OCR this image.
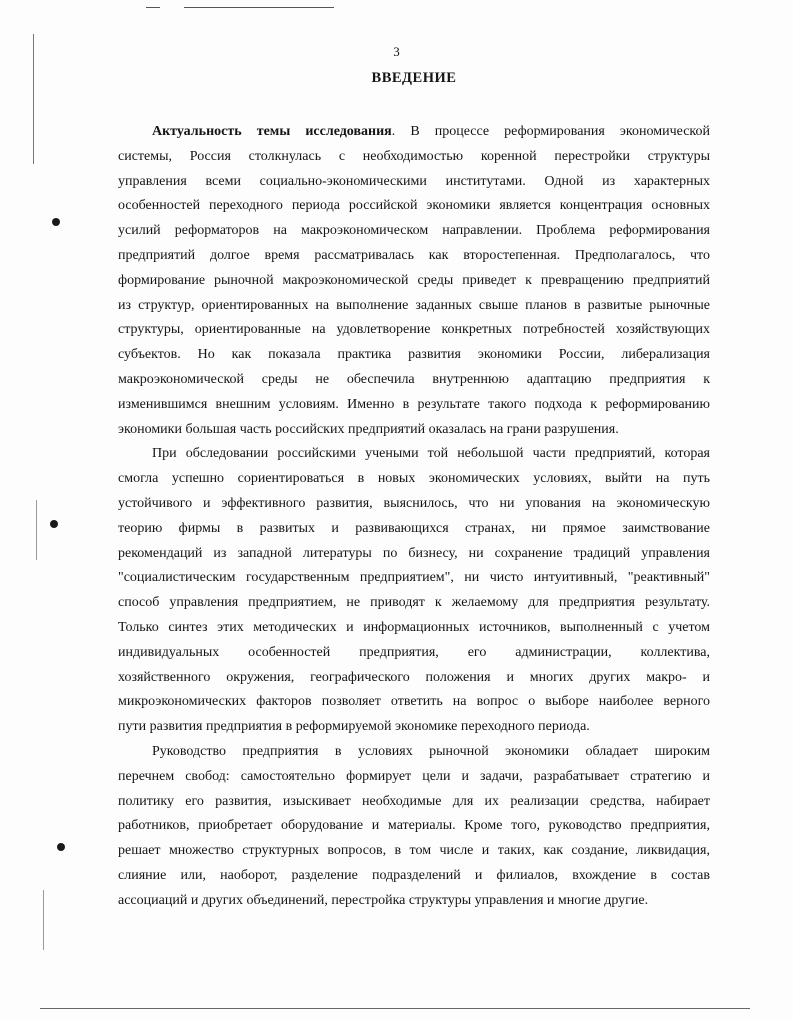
3
ВВЕДЕНИЕ
Актуальность темы исследования. В процессе реформирования экономической
системы, Россия столкнулась с необходимостью коренной перестройки структуры
управления всеми социально-экономическими институтами. Одной из характерных
особенностей переходного периода российской экономики является концентрация основных
усилий реформаторов на макроэкономическом направлении. Проблема реформирования
предприятий долгое время рассматривалась как второстепенная. Предполагалось, что
формирование рыночной макроэкономической среды приведет к превращению предприятий
из структур, ориентированных на выполнение заданных свыше планов в развитые рыночные
структуры, ориентированные на удовлетворение конкретных потребностей хозяйствующих
субъектов. Но как показала практика развития экономики России, либерализация
макроэкономической среды не обеспечила внутреннюю адаптацию предприятия к
изменившимся внешним условиям. Именно в результате такого подхода к реформированию
экономики большая часть российских предприятий оказалась на грани разрушения.
При обследовании российскими учеными той небольшой части предприятий, которая
смогла успешно сориентироваться в новых экономических условиях, выйти на путь
устойчивого и эффективного развития, выяснилось, что ни упования на экономическую
теорию фирмы в развитых и развивающихся странах, ни прямое заимствование
рекомендаций из западной литературы по бизнесу, ни сохранение традиций управления
"социалистическим государственным предприятием", ни чисто интуитивный, "реактивный"
способ управления предприятием, не приводят к желаемому для предприятия результату.
Только синтез этих методических и информационных источников, выполненный с учетом
индивидуальных особенностей предприятия, его администрации, коллектива,
хозяйственного окружения, географического положения и многих других макро- и
микроэкономических факторов позволяет ответить на вопрос о выборе наиболее верного
пути развития предприятия в реформируемой экономике переходного периода.
Руководство предприятия в условиях рыночной экономики обладает широким
перечнем свобод: самостоятельно формирует цели и задачи, разрабатывает стратегию и
политику его развития, изыскивает необходимые для их реализации средства, набирает
работников, приобретает оборудование и материалы. Кроме того, руководство предприятия,
решает множество структурных вопросов, в том числе и таких, как создание, ликвидация,
слияние или, наоборот, разделение подразделений и филиалов, вхождение в состав
ассоциаций и других объединений, перестройка структуры управления и многие другие.
